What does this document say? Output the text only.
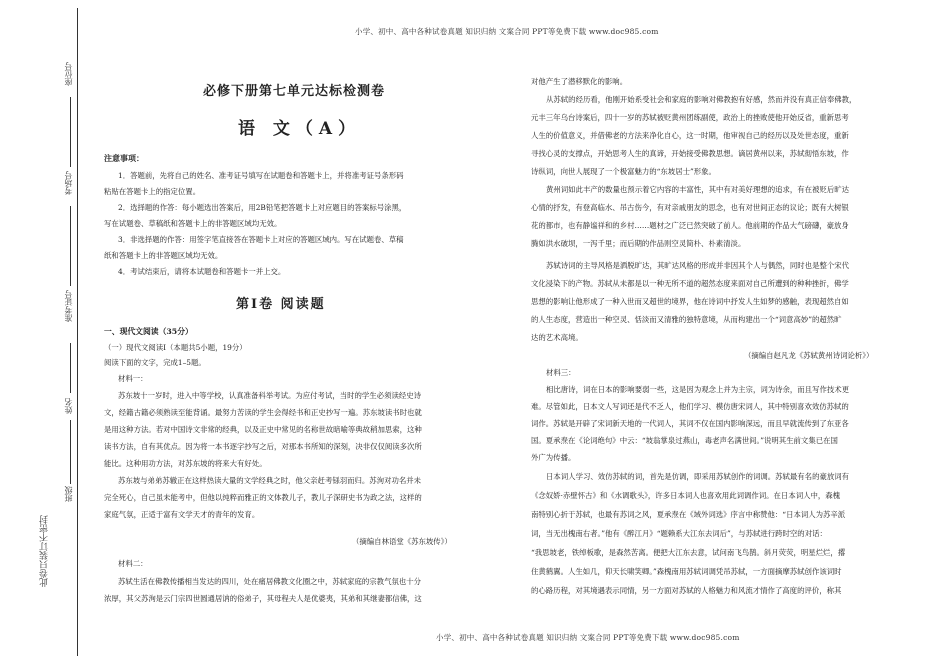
小学、初中、高中各种试卷真题 知识归纳 文案合同 PPT等免费下载 www.doc985.com
小学、初中、高中各种试卷真题 知识归纳 文案合同 PPT等免费下载 www.doc985.com
座位号
考场号
准考证号
姓名
班级
此卷只装订不密封
必修下册第七单元达标检测卷
语 文（A）
注意事项：
1．答题前，先将自己的姓名、准考证号填写在试题卷和答题卡上，并将准考证号条形码
粘贴在答题卡上的指定位置。
2．选择题的作答：每小题选出答案后，用2B铅笔把答题卡上对应题目的答案标号涂黑，
写在试题卷、草稿纸和答题卡上的非答题区域均无效。
3．非选择题的作答：用签字笔直接答在答题卡上对应的答题区域内。写在试题卷、草稿
纸和答题卡上的非答题区域均无效。
4．考试结束后，请将本试题卷和答题卡一并上交。
第Ⅰ卷 阅读题
一、现代文阅读（35分）
（一）现代文阅读Ⅰ（本题共5小题，19分）
阅读下面的文字，完成1–5题。
材料一：
苏东坡十一岁时，进入中等学校，认真准备科举考试。为应付考试，当时的学生必须读经史诗
文，经籍古籍必须熟读至能背诵。最努力苦读的学生会得经书和正史抄写一遍。苏东坡读书时也就
是用这种方法。若对中国诗文非常的经典，以及正史中常见的名称世故暗喻等典故稍加思索，这种
读书方法，自有其优点。因为将一本书逐字抄写之后，对那本书所知的深刻，决非仅仅阅读多次所
能比。这种用功方法，对苏东坡的将来大有好处。
苏东坡与弟弟苏辙正在这样热读大量的文学经典之时，他父亲赶考铩羽而归。苏洵对功名并未
完全死心，自己虽未能考中，但他以纯粹而雅正的文体教儿子，教儿子深研史书为政之法，这样的
家庭气氛，正适于富有文学天才的青年的发育。
（摘编自林语堂《苏东坡传》）
材料二：
苏轼生活在佛教传播相当发达的四川，处在痛居佛教文化圈之中，苏轼家庭的宗教气氛也十分
浓厚，其父苏洵是云门宗四世圆通居讷的俗弟子，其母程夫人是优婆夷，其弟和其继妻都信佛，这
对他产生了潜移默化的影响。
从苏轼的经历看，他刚开始系受社会和家庭的影响对佛教抱有好感，然而并没有真正信奉佛教，
元丰三年乌台诗案后，四十一岁的苏轼被贬黄州团练副使，政治上的挫败使他开始反省，重新思考
人生的价值意义，并借佛老的方法来净化自心，这一时期，他审视自己的经历以及处世态度，重新
寻找心灵的支撑点，开始思考人生的真谛，开始接受佛教思想。谪居黄州以来，苏轼彻悟东坡，作
诗纵词，向世人展现了一个极富魅力的“东坡居士”形象。
黄州词如此丰产的数量也预示着它内容的丰富性，其中有对美好理想的追求，有在被贬后旷达
心情的抒发，有登高临水、吊古伤今，有对亲戚朋友的思念，也有对世间正态的议论；既有大树银
花的都市，也有静谧祥和的乡村……题材之广泛已然突破了前人。他前期的作品大气磅礴，豪放身
腾如洪水破坝，一泻千里；而后期的作品则空灵简朴、朴素清淡。
苏轼诗词的主导风格是洒脱旷达，其旷达风格的形成并非因其个人与偶然，同时也是整个宋代
文化浸染下的产物。苏轼从未都是以一种无所不道的超然态度来面对自己所遭到的种种挫折，佛学
思想的影响让他形成了一种入世而又超世的境界，他在诗词中抒发人生如梦的感触，表现超然自如
的人生态度，营造出一种空灵、恬淡而又清雅的独特意境，从而构建出一个“词意高妙”的超然旷
达的艺术高境。
（摘编自赵凡龙《苏轼黄州诗词论析》）
材料三：
相比唐诗，词在日本的影响要弱一些，这是因为观念上并为主宗，词为诗余，而且写作技术更
难。尽管如此，日本文人写词还是代不乏人，他们学习、模仿唐宋词人，其中特别喜欢效仿苏轼的
词作。苏轼是开辟了宋词新天地的一代词人，其词不仅在国内影响深远，而且早就流传到了东亚各
国。夏承焘在《论词绝句》中云：“坡翁掌泉过燕山，毒老声名满世间。”说明其生前文集已在国
外广为传播。
日本词人学习、效仿苏轼的词，首先是仿调，即采用苏轼创作的词调。苏轼最有名的豪放词有
《念奴娇·赤壁怀古》和《水调歌头》，许多日本词人也喜欢用此词调作词。在日本词人中，森槐
南特别心折于苏轼，也最有苏词之风，夏承焘在《域外词选》序言中称赞他：“日本词人为苏辛派
词，当无出槐南右者。”他有《醉江月》“题赖系大江东去词后”，与苏轼进行跨时空的对话：
“我思坡老，铁绰板歌，是森然苦离。便把大江东去意，试问南飞鸟鹊。斜月荧荧，明星烂烂，撂
住黄鹤翼。人生如几，仰天长啸笑卿。”森槐南用苏轼词调凭吊苏轼，一方面摘摩苏轼创作该词时
的心路历程，对其境遇表示同情，另一方面对苏轼的人格魅力和风流才情作了高度的评价，称其
